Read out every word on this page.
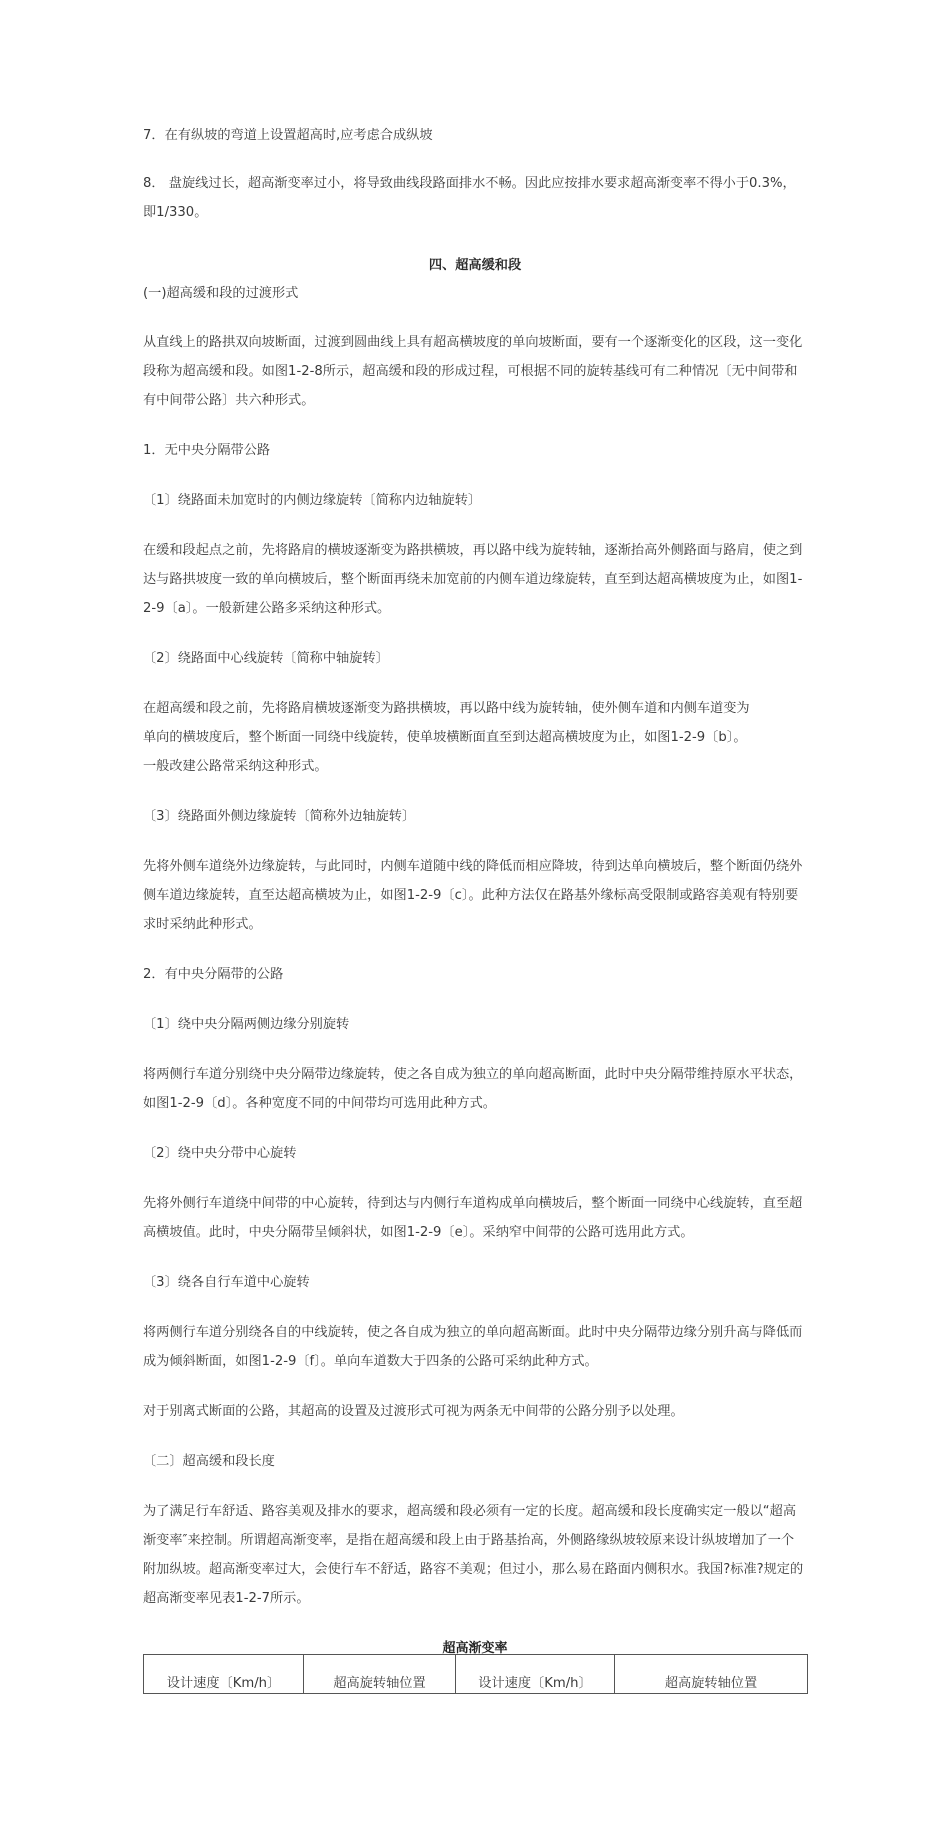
7．在有纵坡的弯道上设置超高时,应考虑合成纵坡

8． 盘旋线过长，超高渐变率过小，将导致曲线段路面排水不畅。因此应按排水要求超高渐变率不得小于0.3%，即1/330。

四、超高缓和段

(一)超高缓和段的过渡形式

从直线上的路拱双向坡断面，过渡到圆曲线上具有超高横坡度的单向坡断面，要有一个逐渐变化的区段，这一变化段称为超高缓和段。如图1-2-8所示，超高缓和段的形成过程，可根据不同的旋转基线可有二种情况〔无中间带和有中间带公路〕共六种形式。

1．无中央分隔带公路

〔1〕绕路面未加宽时的内侧边缘旋转〔简称内边轴旋转〕

在缓和段起点之前，先将路肩的横坡逐渐变为路拱横坡，再以路中线为旋转轴，逐渐抬高外侧路面与路肩，使之到达与路拱坡度一致的单向横坡后，整个断面再绕未加宽前的内侧车道边缘旋转，直至到达超高横坡度为止，如图1-2-9〔a〕。一般新建公路多采纳这种形式。

〔2〕绕路面中心线旋转〔简称中轴旋转〕

在超高缓和段之前，先将路肩横坡逐渐变为路拱横坡，再以路中线为旋转轴，使外侧车道和内侧车道变为单向的横坡度后，整个断面一同绕中线旋转，使单坡横断面直至到达超高横坡度为止，如图1-2-9〔b〕。一般改建公路常采纳这种形式。

〔3〕绕路面外侧边缘旋转〔简称外边轴旋转〕

先将外侧车道绕外边缘旋转，与此同时，内侧车道随中线的降低而相应降坡，待到达单向横坡后，整个断面仍绕外侧车道边缘旋转，直至达超高横坡为止，如图1-2-9〔c〕。此种方法仅在路基外缘标高受限制或路容美观有特别要求时采纳此种形式。

2．有中央分隔带的公路

〔1〕绕中央分隔两侧边缘分别旋转

将两侧行车道分别绕中央分隔带边缘旋转，使之各自成为独立的单向超高断面，此时中央分隔带维持原水平状态，如图1-2-9〔d〕。各种宽度不同的中间带均可选用此种方式。

〔2〕绕中央分带中心旋转

先将外侧行车道绕中间带的中心旋转，待到达与内侧行车道构成单向横坡后，整个断面一同绕中心线旋转，直至超高横坡值。此时，中央分隔带呈倾斜状，如图1-2-9〔e〕。采纳窄中间带的公路可选用此方式。

〔3〕绕各自行车道中心旋转

将两侧行车道分别绕各自的中线旋转，使之各自成为独立的单向超高断面。此时中央分隔带边缘分别升高与降低而成为倾斜断面，如图1-2-9〔f〕。单向车道数大于四条的公路可采纳此种方式。

对于别离式断面的公路，其超高的设置及过渡形式可视为两条无中间带的公路分别予以处理。

〔二〕超高缓和段长度

为了满足行车舒适、路容美观及排水的要求，超高缓和段必须有一定的长度。超高缓和段长度确实定一般以“超高渐变率″来控制。所谓超高渐变率，是指在超高缓和段上由于路基抬高，外侧路缘纵坡较原来设计纵坡增加了一个附加纵坡。超高渐变率过大，会使行车不舒适，路容不美观；但过小，那么易在路面内侧积水。我国?标准?规定的超高渐变率见表1-2-7所示。

超高渐变率
设计速度〔Km/h〕	超高旋转轴位置	设计速度〔Km/h〕	超高旋转轴位置
